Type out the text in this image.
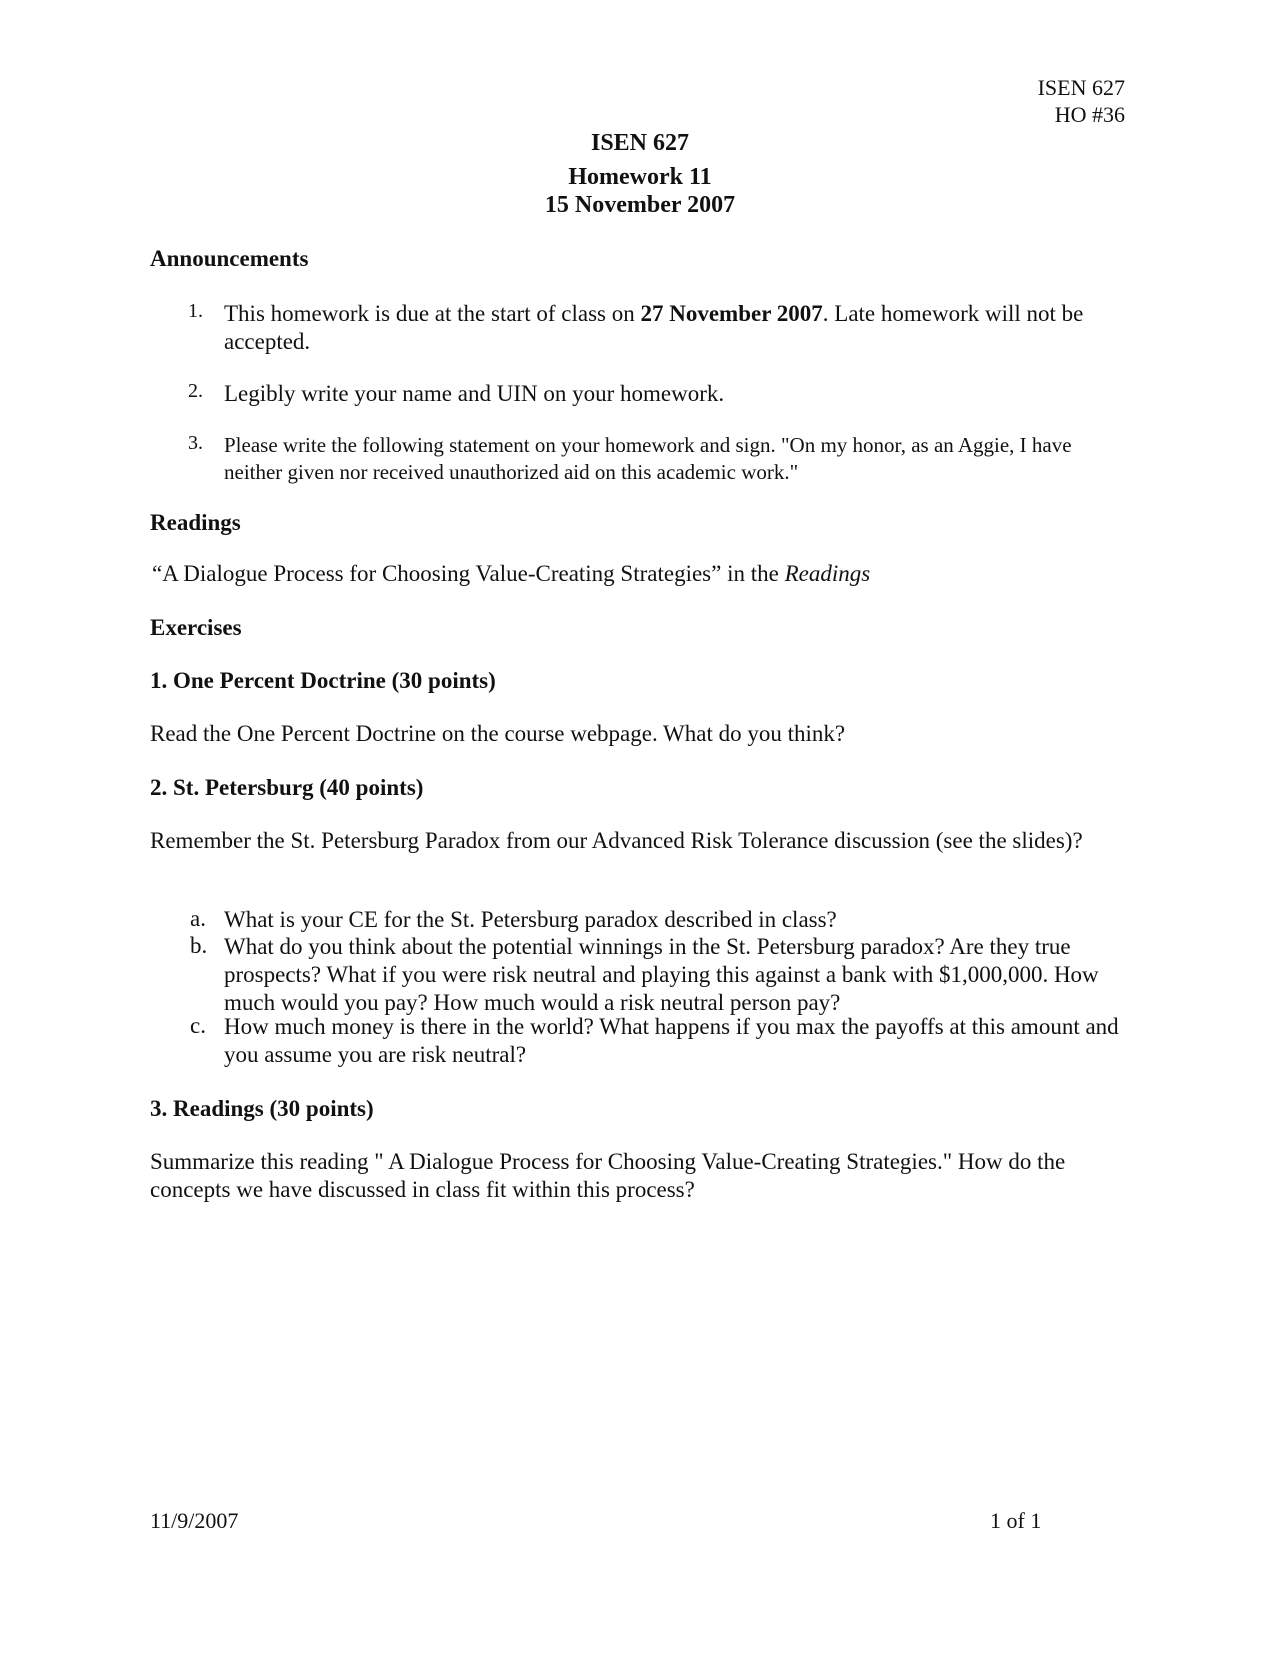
ISEN 627
HO #36
ISEN 627
Homework 11
15 November 2007
Announcements
1. This homework is due at the start of class on 27 November 2007. Late homework will not be accepted.
2. Legibly write your name and UIN on your homework.
3. Please write the following statement on your homework and sign. "On my honor, as an Aggie, I have neither given nor received unauthorized aid on this academic work."
Readings
“A Dialogue Process for Choosing Value-Creating Strategies” in the Readings
Exercises
1. One Percent Doctrine (30 points)
Read the One Percent Doctrine on the course webpage. What do you think?
2. St. Petersburg (40 points)
Remember the St. Petersburg Paradox from our Advanced Risk Tolerance discussion (see the slides)?
a. What is your CE for the St. Petersburg paradox described in class?
b. What do you think about the potential winnings in the St. Petersburg paradox? Are they true prospects? What if you were risk neutral and playing this against a bank with $1,000,000. How much would you pay? How much would a risk neutral person pay?
c. How much money is there in the world? What happens if you max the payoffs at this amount and you assume you are risk neutral?
3. Readings (30 points)
Summarize this reading " A Dialogue Process for Choosing Value-Creating Strategies." How do the concepts we have discussed in class fit within this process?
11/9/2007	1 of 1
